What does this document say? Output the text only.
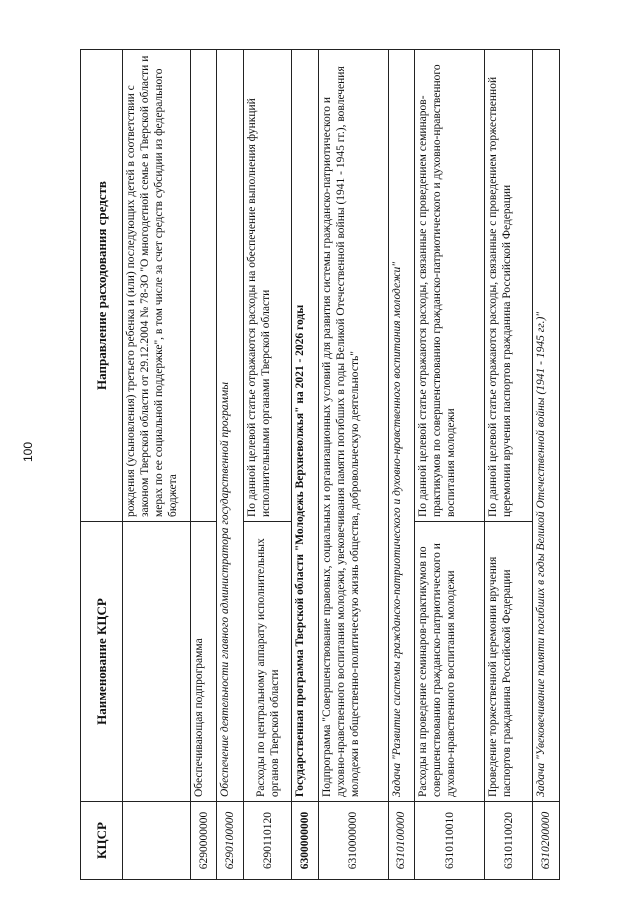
100
КЦСР	Наименование КЦСР	Направление расходования средств
		рождения (усыновления) третьего ребенка и (или) последующих детей в соответствии с законом Тверской области от 29.12.2004 № 78-ЗО "О многодетной семье в Тверской области и мерах по ее социальной поддержке", в том числе за счет средств субсидии из федерального бюджета
6290000000	Обеспечивающая подпрограмма	
6290100000	Обеспечение деятельности главного администратора государственной программы	
6290110120	Расходы по центральному аппарату исполнительных органов Тверской области	По данной целевой статье отражаются расходы на обеспечение выполнения функций исполнительными органами Тверской области
6300000000	Государственная программа Тверской области "Молодежь Верхневолжья" на 2021 - 2026 годы	
6310000000	Подпрограмма "Совершенствование правовых, социальных и организационных условий для развития системы гражданско-патриотического и духовно-нравственного воспитания молодежи, увековечивания памяти погибших в годы Великой Отечественной войны (1941 - 1945 гг.), вовлечения молодежи в общественно-политическую жизнь общества, добровольческую деятельность"	
6310100000	Задача "Развитие системы гражданско-патриотического и духовно-нравственного воспитания молодежи"	
6310110010	Расходы на проведение семинаров-практикумов по совершенствованию гражданско-патриотического и духовно-нравственного воспитания молодежи	По данной целевой статье отражаются расходы, связанные с проведением семинаров-практикумов по совершенствованию гражданско-патриотического и духовно-нравственного воспитания молодежи
6310110020	Проведение торжественной церемонии вручения паспортов гражданина Российской Федерации	По данной целевой статье отражаются расходы, связанные с проведением торжественной церемонии вручения паспортов гражданина Российской Федерации
6310200000	Задача "Увековечивание памяти погибших в годы Великой Отечественной войны (1941 - 1945 гг.)"	
